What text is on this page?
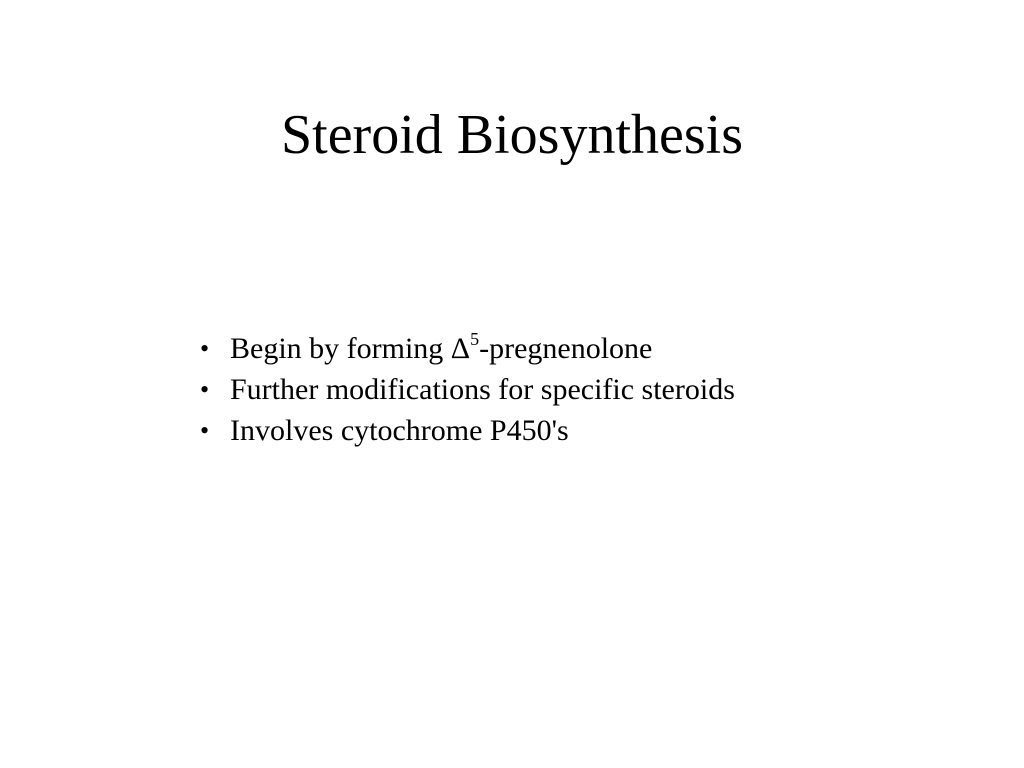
Steroid Biosynthesis
• Begin by forming $\Delta^5$-pregnenolone
• Further modifications for specific steroids
• Involves cytochrome P450's
